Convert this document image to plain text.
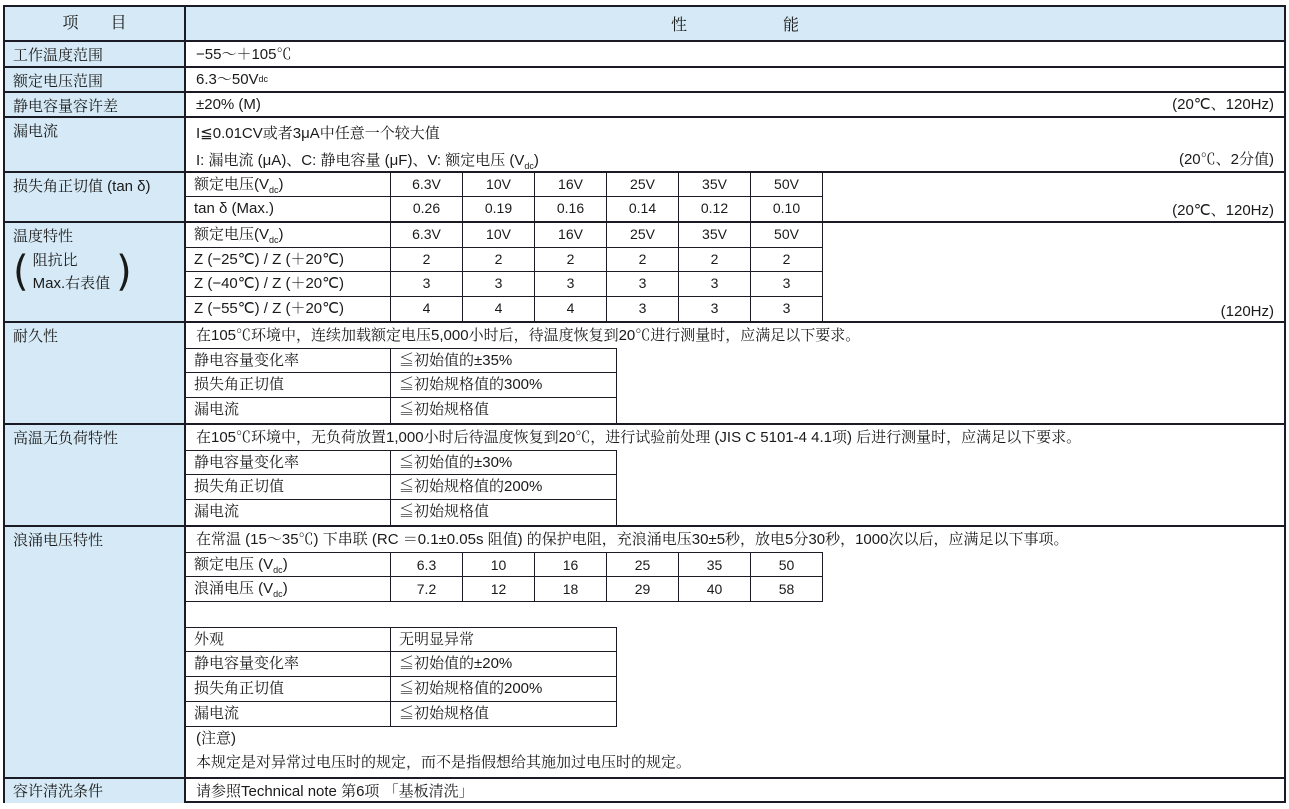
项　　目	性　　　　　　能
工作温度范围	−55～＋105℃
额定电压范围	6.3～50V dc
静电容量容许差	±20% (M)	(20℃、120Hz)
漏电流	I≦0.01CV或者3μA中任意一个较大值
I: 漏电流 (μA)、C: 静电容量 (μF)、V: 额定电压 $(V_{dc})$	(20℃、2分值)
损失角正切值 (tan δ)	额定电压$(V_{dc})$	6.3V	10V	16V	25V	35V	50V
tan δ (Max.)	0.26	0.19	0.16	0.14	0.12	0.10	(20℃、120Hz)
温度特性
( 阻抗比
Max.右表值 )
额定电压$(V_{dc})$	6.3V	10V	16V	25V	35V	50V
Z (−25℃) / Z (＋20℃)	2	2	2	2	2	2
Z (−40℃) / Z (＋20℃)	3	3	3	3	3	3
Z (−55℃) / Z (＋20℃)	4	4	4	3	3	3	(120Hz)
耐久性	在105℃环境中，连续加载额定电压5,000小时后，待温度恢复到20℃进行测量时，应满足以下要求。
静电容量变化率	≦初始值的±35%
损失角正切值	≦初始规格值的300%
漏电流	≦初始规格值
高温无负荷特性	在105℃环境中，无负荷放置1,000小时后待温度恢复到20℃，进行试验前处理 (JIS C 5101-4 4.1项) 后进行测量时，应满足以下要求。
静电容量变化率	≦初始值的±30%
损失角正切值	≦初始规格值的200%
漏电流	≦初始规格值
浪涌电压特性	在常温 (15～35℃) 下串联 (RC ＝0.1±0.05s 阻值) 的保护电阻，充浪涌电压30±5秒，放电5分30秒，1000次以后，应满足以下事项。
额定电压 $(V_{dc})$	6.3	10	16	25	35	50
浪涌电压 $(V_{dc})$	7.2	12	18	29	40	58
外观	无明显异常
静电容量变化率	≦初始值的±20%
损失角正切值	≦初始规格值的200%
漏电流	≦初始规格值
(注意)
本规定是对异常过电压时的规定，而不是指假想给其施加过电压时的规定。
容许清洗条件	请参照Technical note 第6项 「基板清洗」
